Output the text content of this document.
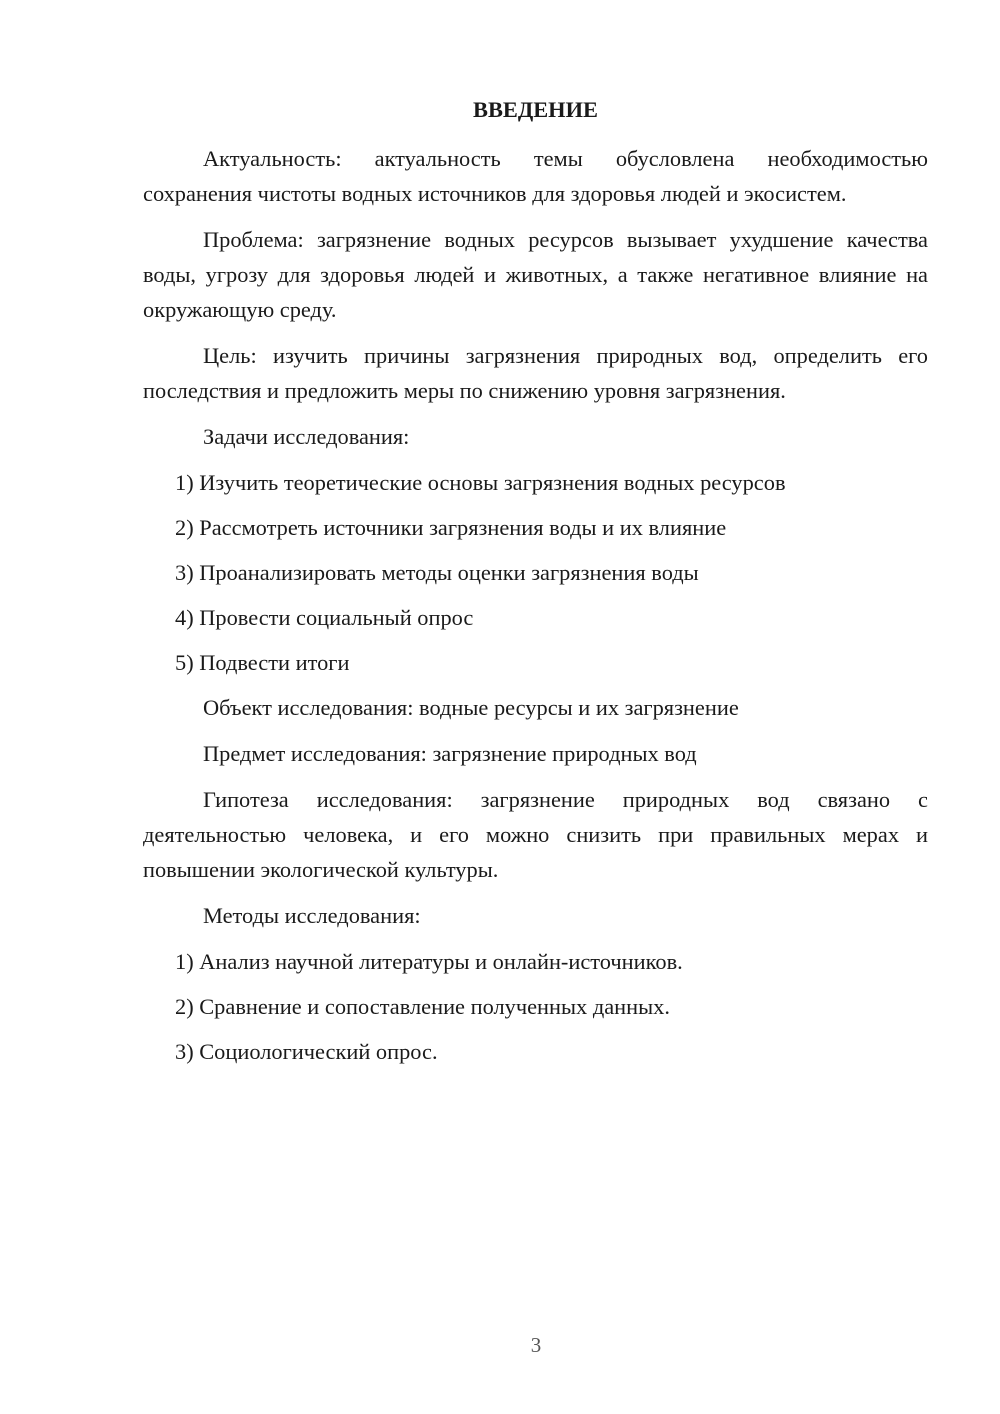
ВВЕДЕНИЕ

Актуальность: актуальность темы обусловлена необходимостью сохранения чистоты водных источников для здоровья людей и экосистем.

Проблема: загрязнение водных ресурсов вызывает ухудшение качества воды, угрозу для здоровья людей и животных, а также негативное влияние на окружающую среду.

Цель: изучить причины загрязнения природных вод, определить его последствия и предложить меры по снижению уровня загрязнения.

Задачи исследования:

1) Изучить теоретические основы загрязнения водных ресурсов

2) Рассмотреть источники загрязнения воды и их влияние

3) Проанализировать методы оценки загрязнения воды

4) Провести социальный опрос

5) Подвести итоги

Объект исследования: водные ресурсы и их загрязнение

Предмет исследования: загрязнение природных вод

Гипотеза исследования: загрязнение природных вод связано с деятельностью человека, и его можно снизить при правильных мерах и повышении экологической культуры.

Методы исследования:

1) Анализ научной литературы и онлайн-источников.

2) Сравнение и сопоставление полученных данных.

3) Социологический опрос.

3
